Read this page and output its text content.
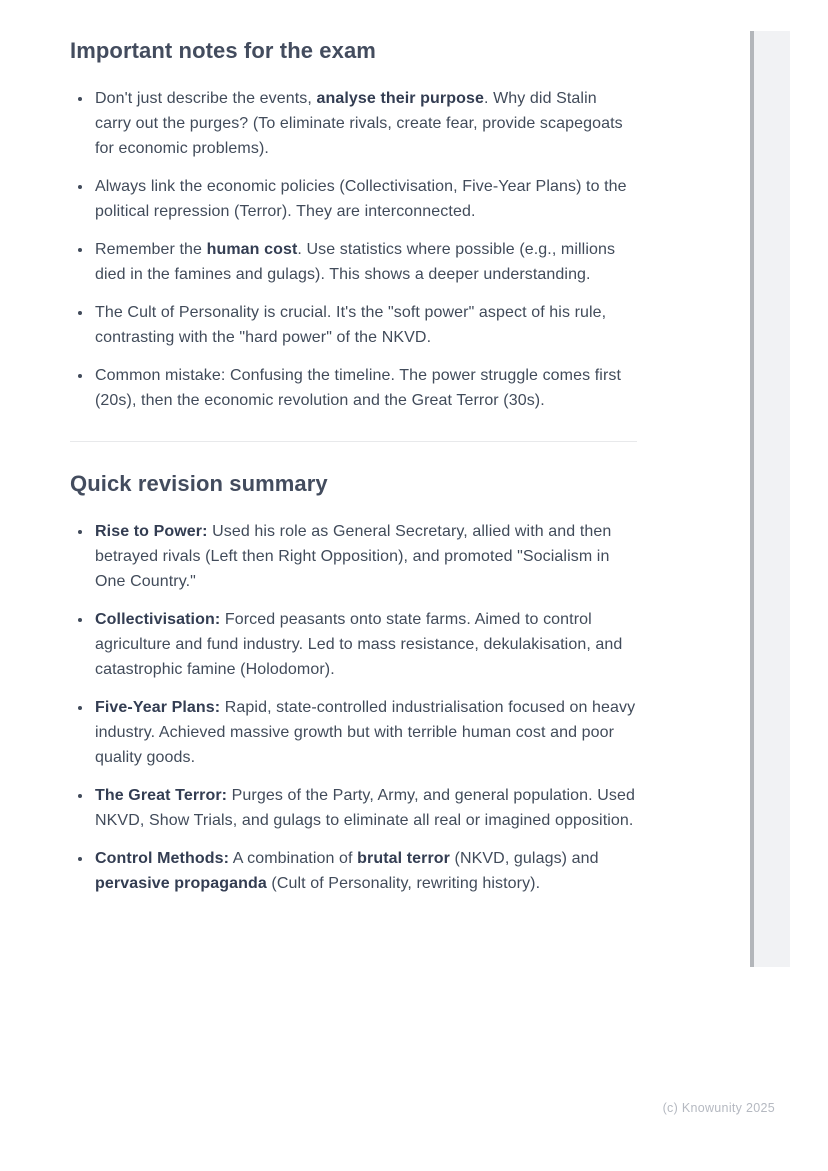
Important notes for the exam
Don't just describe the events, analyse their purpose. Why did Stalin carry out the purges? (To eliminate rivals, create fear, provide scapegoats for economic problems).
Always link the economic policies (Collectivisation, Five-Year Plans) to the political repression (Terror). They are interconnected.
Remember the human cost. Use statistics where possible (e.g., millions died in the famines and gulags). This shows a deeper understanding.
The Cult of Personality is crucial. It's the "soft power" aspect of his rule, contrasting with the "hard power" of the NKVD.
Common mistake: Confusing the timeline. The power struggle comes first (20s), then the economic revolution and the Great Terror (30s).
Quick revision summary
Rise to Power: Used his role as General Secretary, allied with and then betrayed rivals (Left then Right Opposition), and promoted "Socialism in One Country."
Collectivisation: Forced peasants onto state farms. Aimed to control agriculture and fund industry. Led to mass resistance, dekulakisation, and catastrophic famine (Holodomor).
Five-Year Plans: Rapid, state-controlled industrialisation focused on heavy industry. Achieved massive growth but with terrible human cost and poor quality goods.
The Great Terror: Purges of the Party, Army, and general population. Used NKVD, Show Trials, and gulags to eliminate all real or imagined opposition.
Control Methods: A combination of brutal terror (NKVD, gulags) and pervasive propaganda (Cult of Personality, rewriting history).
(c) Knowunity 2025
